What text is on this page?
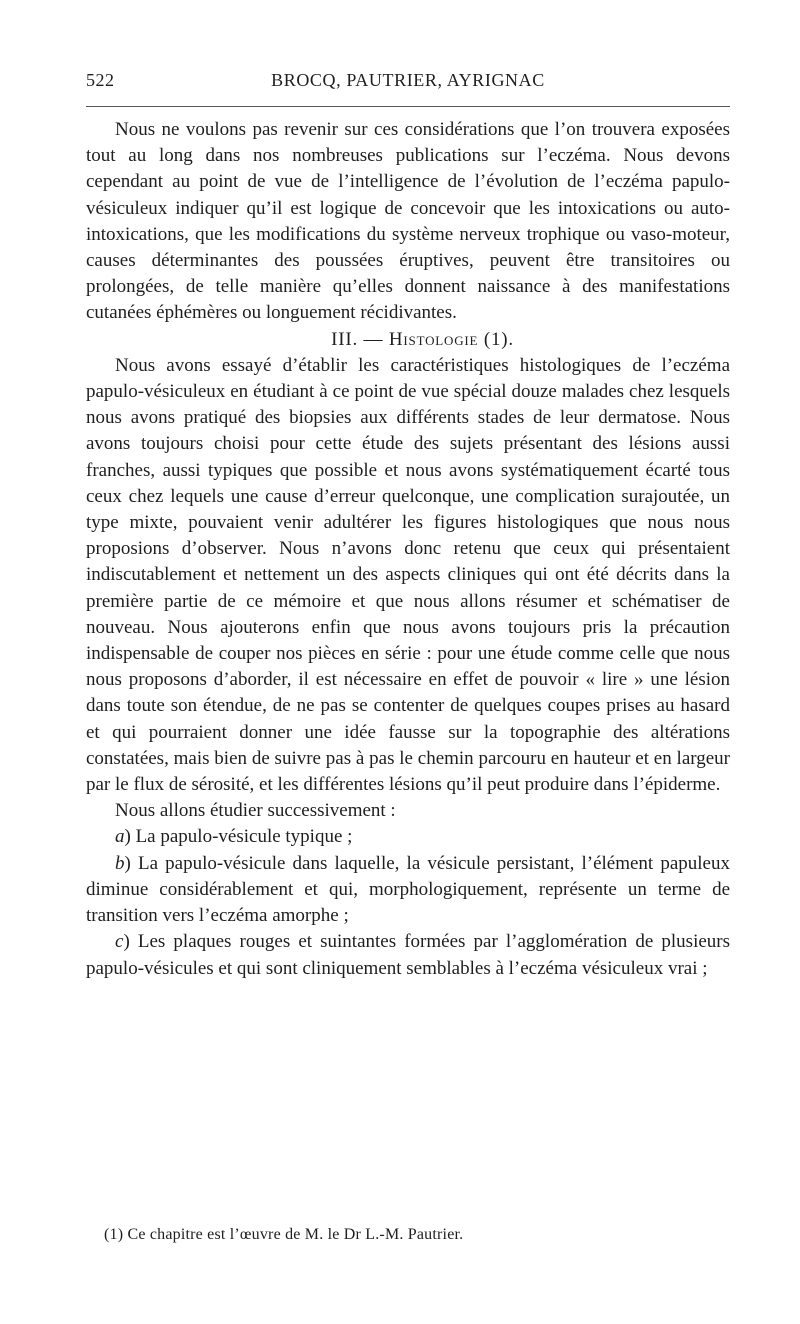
522	BROCQ, PAUTRIER, AYRIGNAC

Nous ne voulons pas revenir sur ces considérations que l’on trouvera exposées tout au long dans nos nombreuses publications sur l’eczéma. Nous devons cependant au point de vue de l’intelligence de l’évolution de l’eczéma papulo-vésiculeux indiquer qu’il est logique de concevoir que les intoxications ou auto-intoxications, que les modifications du système nerveux trophique ou vaso-moteur, causes déterminantes des poussées éruptives, peuvent être transitoires ou prolongées, de telle manière qu’elles donnent naissance à des manifestations cutanées éphémères ou longuement récidivantes.

III. — Histologie (1).

Nous avons essayé d’établir les caractéristiques histologiques de l’eczéma papulo-vésiculeux en étudiant à ce point de vue spécial douze malades chez lesquels nous avons pratiqué des biopsies aux différents stades de leur dermatose. Nous avons toujours choisi pour cette étude des sujets présentant des lésions aussi franches, aussi typiques que possible et nous avons systématiquement écarté tous ceux chez lequels une cause d’erreur quelconque, une complication surajoutée, un type mixte, pouvaient venir adultérer les figures histologiques que nous nous proposions d’observer. Nous n’avons donc retenu que ceux qui présentaient indiscutablement et nettement un des aspects cliniques qui ont été décrits dans la première partie de ce mémoire et que nous allons résumer et schématiser de nouveau. Nous ajouterons enfin que nous avons toujours pris la précaution indispensable de couper nos pièces en série : pour une étude comme celle que nous nous proposons d’aborder, il est nécessaire en effet de pouvoir « lire » une lésion dans toute son étendue, de ne pas se contenter de quelques coupes prises au hasard et qui pourraient donner une idée fausse sur la topographie des altérations constatées, mais bien de suivre pas à pas le chemin parcouru en hauteur et en largeur par le flux de sérosité, et les différentes lésions qu’il peut produire dans l’épiderme.

Nous allons étudier successivement :

a) La papulo-vésicule typique ;

b) La papulo-vésicule dans laquelle, la vésicule persistant, l’élément papuleux diminue considérablement et qui, morphologiquement, représente un terme de transition vers l’eczéma amorphe ;

c) Les plaques rouges et suintantes formées par l’agglomération de plusieurs papulo-vésicules et qui sont cliniquement semblables à l’eczéma vésiculeux vrai ;

(1) Ce chapitre est l’œuvre de M. le Dr L.-M. Pautrier.
